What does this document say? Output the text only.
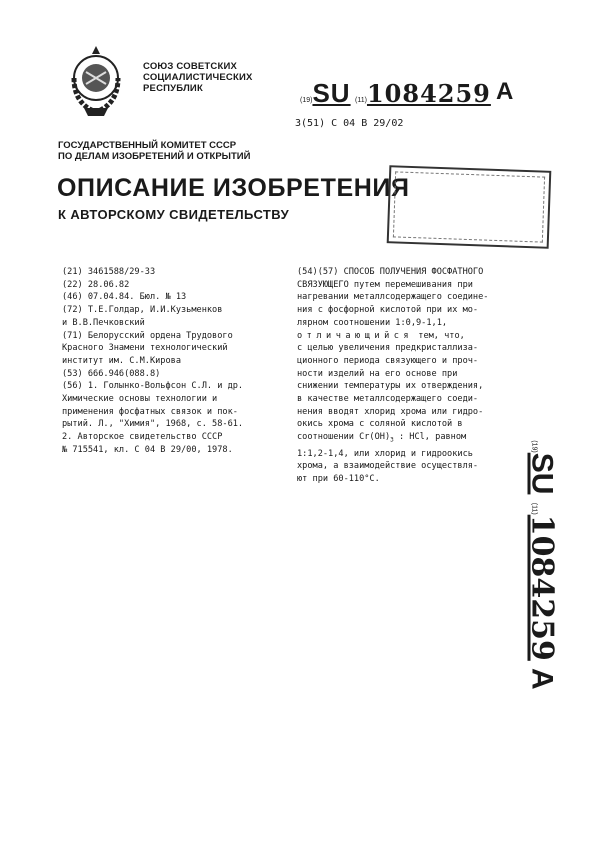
СОЮЗ СОВЕТСКИХ
СОЦИАЛИСТИЧЕСКИХ
РЕСПУБЛИК
(19)SU (11)1084259 A
3(51) С 04 В 29/02
ГОСУДАРСТВЕННЫЙ КОМИТЕТ СССР
ПО ДЕЛАМ ИЗОБРЕТЕНИЙ И ОТКРЫТИЙ
ОПИСАНИЕ ИЗОБРЕТЕНИЯ
К АВТОРСКОМУ СВИДЕТЕЛЬСТВУ
(21) 3461588/29-33
(22) 28.06.82
(46) 07.04.84. Бюл. № 13
(72) Т.Е.Голдар, И.И.Кузьменков
и В.В.Печковский
(71) Белорусский ордена Трудового
Красного Знамени технологический
институт им. С.М.Кирова
(53) 666.946(088.8)
(56) 1. Голынко-Вольфсон С.Л. и др.
Химические основы технологии и
применения фосфатных связок и пок-
рытий. Л., "Химия", 1968, с. 58-61.
2. Авторское свидетельство СССР
№ 715541, кл. С 04 В 29/00, 1978.
(54)(57) СПОСОБ ПОЛУЧЕНИЯ ФОСФАТНОГО
СВЯЗУЮЩЕГО путем перемешивания при
нагревании металлсодержащего соедине-
ния с фосфорной кислотой при их мо-
лярном соотношении 1:0,9-1,1,
отличающийся тем, что,
с целью увеличения предкристаллиза-
ционного периода связующего и проч-
ности изделий на его основе при
снижении температуры их отверждения,
в качестве металлсодержащего соеди-
нения вводят хлорид хрома или гидро-
окись хрома с соляной кислотой в
соотношении $Cr(OH)_3$ : HCl, равном
1:1,2-1,4, или хлорид и гидроокись
хрома, а взаимодействие осуществля-
ют при 60-110°С.
(19)SU (11)1084259 A
